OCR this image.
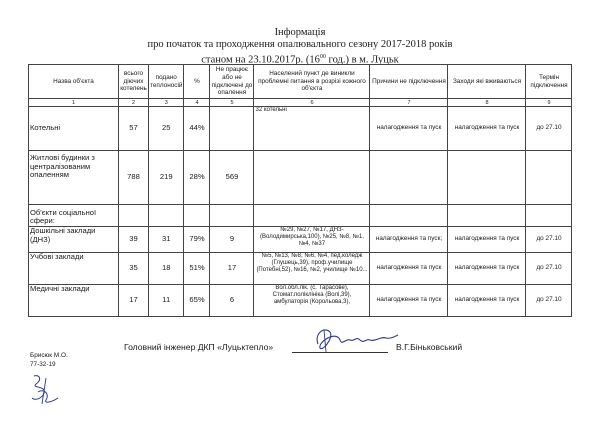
Інформація
про початок та проходження опалювального сезону 2017-2018 років
станом на 23.10.2017р. ($16^{00}$ год.) в м. Луцьк
Назва об'єкта	всього діючих котелень	подано теплоносій	%	Не працює або не підключені до опалення	Населений пункт де виникли проблемні питання в розрізі кожного об'єкта	Причини не підключення	Заходи які вживаються	Термін підключення
1	2	3	4	5	6	7	8	9
Котельні	57	25	44%		32 котельні	налагодження та пуск	налагодження та пуск	до 27.10
Житлові будинки з централізованим опаленням	788	219	28%	569				
Об'єкти соціальної сфери:								
Дошкільні заклади (ДНЗ)	39	31	79%	9	№29, №27, №17, ДНЗ-(Володимирська,100), №25, №8, №1, №4, №37	налагодження та пуск;	налагодження та пуск	до 27.10
Учбові заклади	35	18	51%	17	№5, №13, №8, №6, №4, пед.коледж (Глушець,39), проф.училище (Потебні,52), №16, №2, училище №10...	налагодження та пуск	налагодження та пуск	до 27.10
Медичні заклади	17	11	65%	6	Вол.обл.лік. (с. Тарасове), Стомат.поліклініка (Волі,39), амбулаторія (Корольова,3),	налагодження та пуск	налагодження та пуск	до 27.10
Головний інженер ДКП «Луцьктепло»	В.Г.Біньковський
Брисюк М.О.
77-32-19
